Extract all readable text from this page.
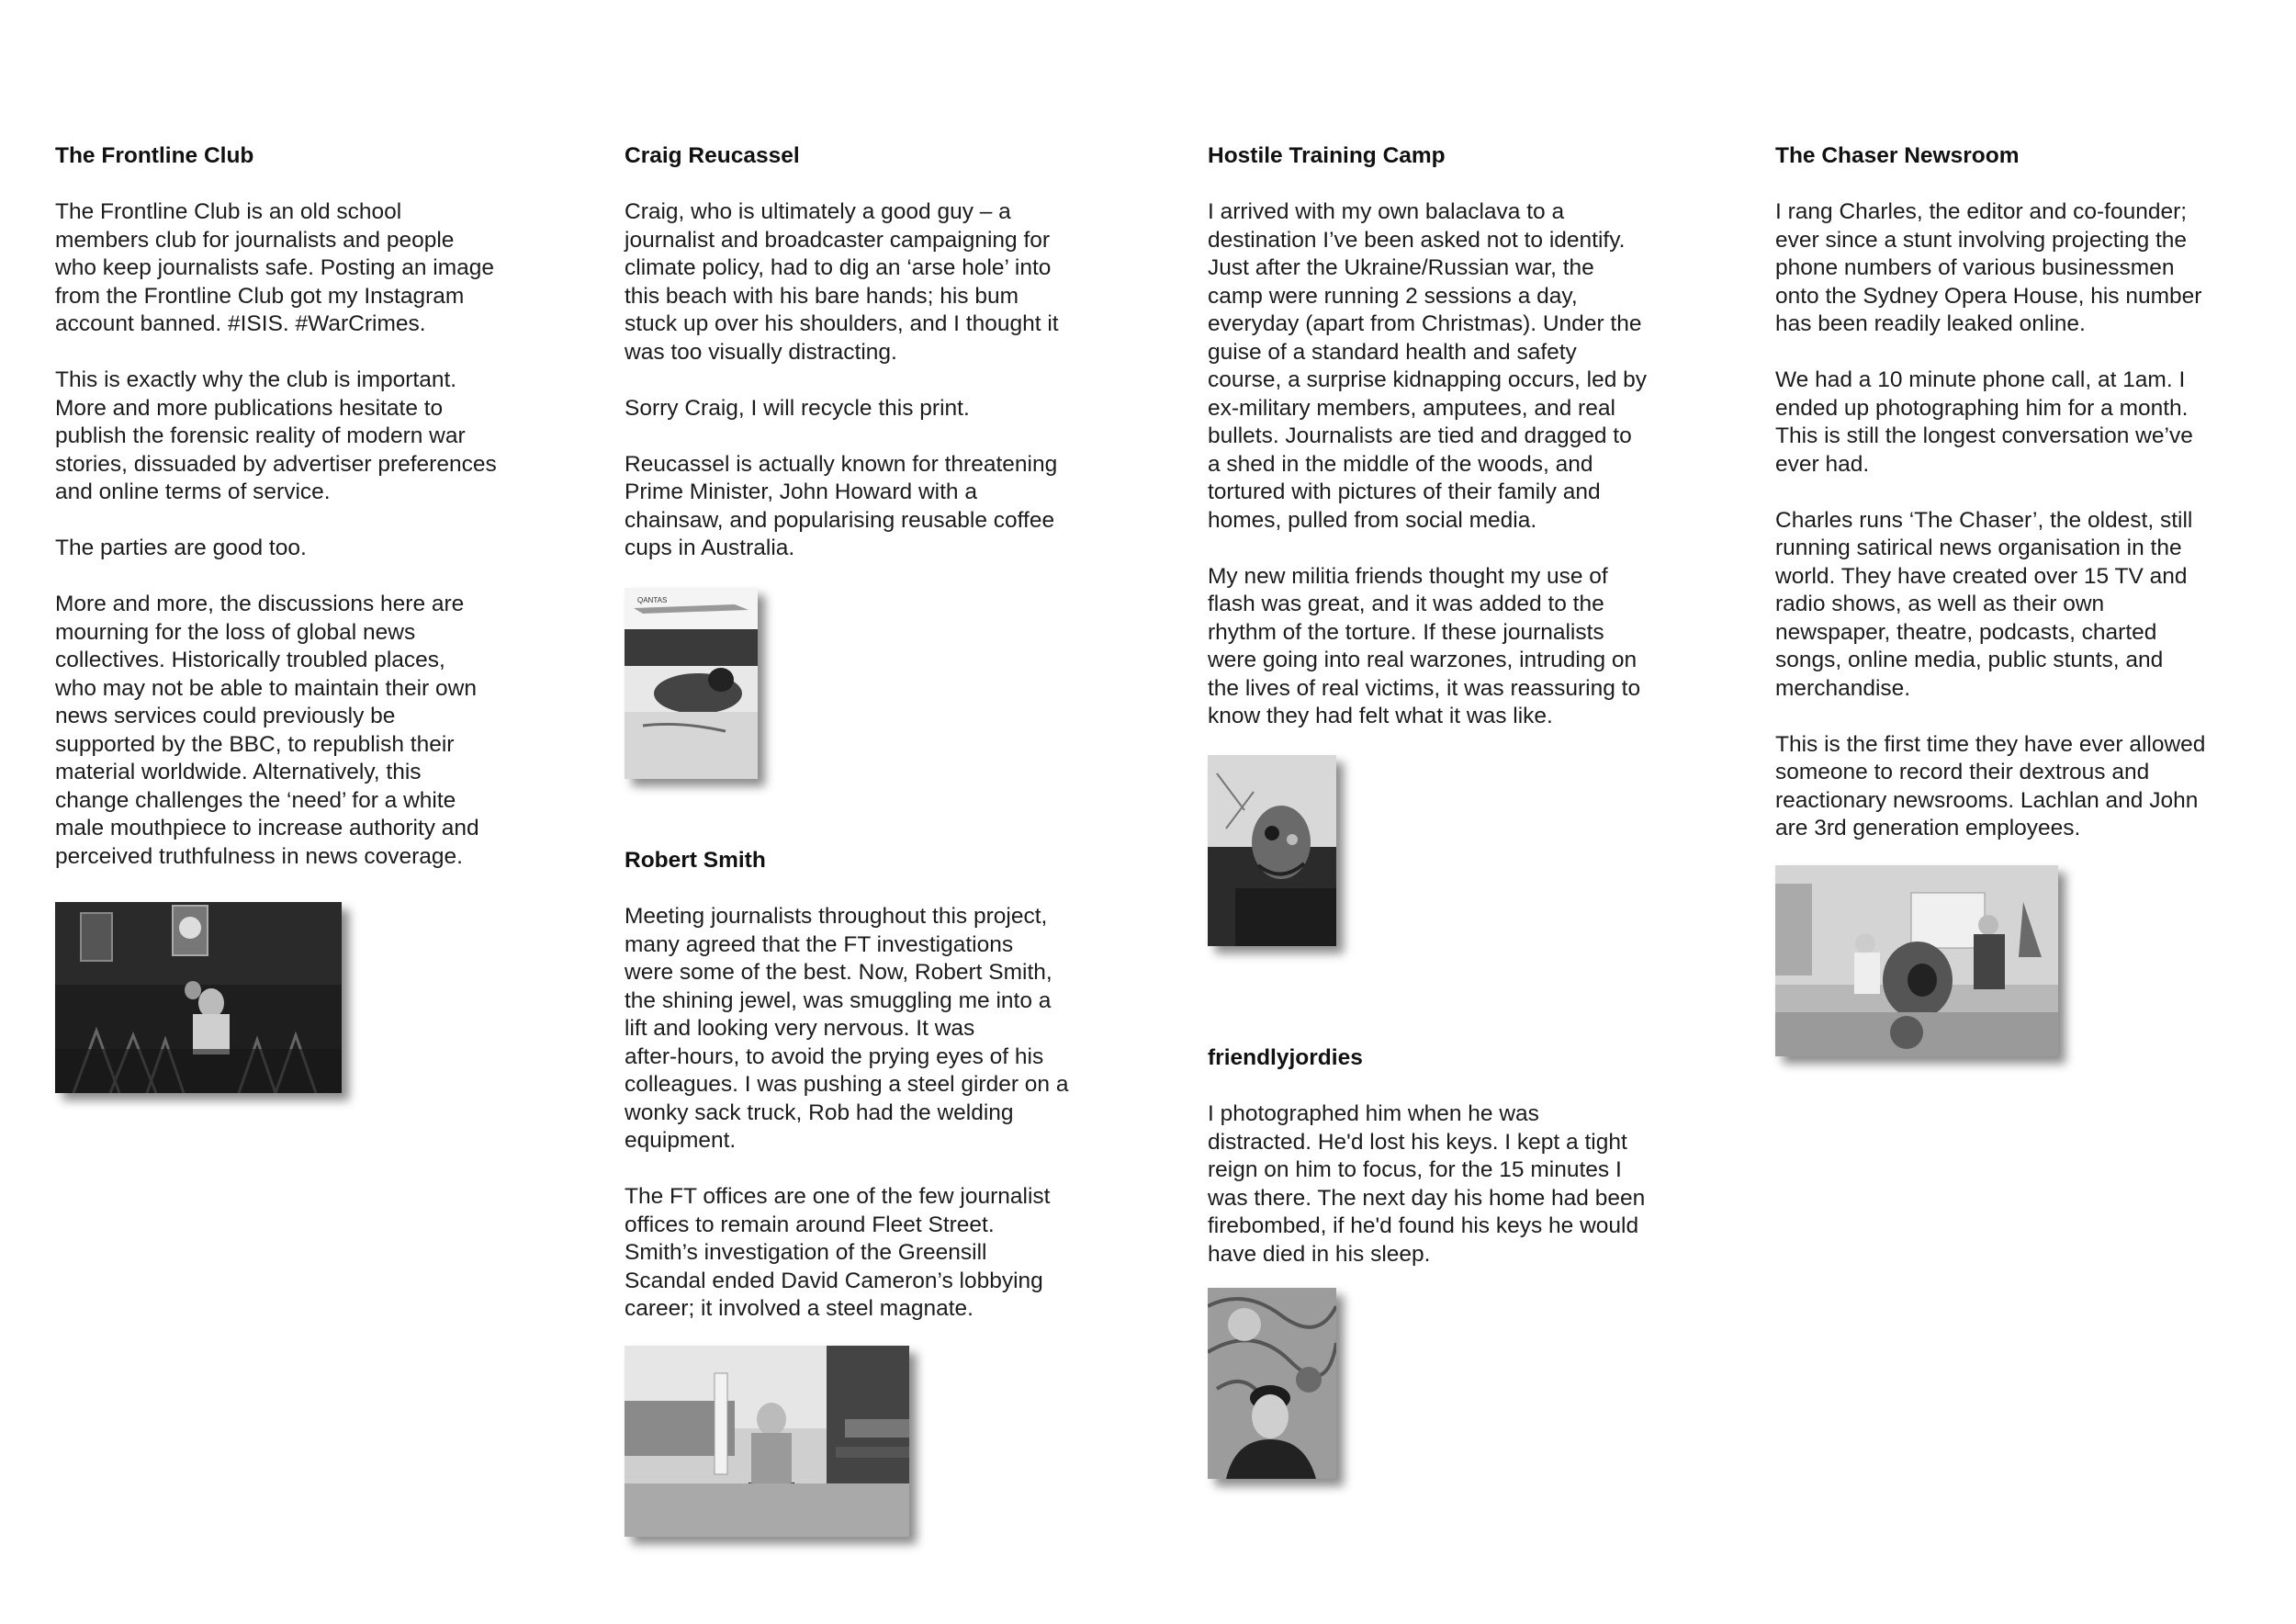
The Frontline Club

The Frontline Club is an old school
members club for journalists and people
who keep journalists safe. Posting an image
from the Frontline Club got my Instagram
account banned. #ISIS. #WarCrimes.

This is exactly why the club is important.
More and more publications hesitate to
publish the forensic reality of modern war
stories, dissuaded by advertiser preferences
and online terms of service.

The parties are good too.

More and more, the discussions here are
mourning for the loss of global news
collectives. Historically troubled places,
who may not be able to maintain their own
news services could previously be
supported by the BBC, to republish their
material worldwide. Alternatively, this
change challenges the ‘need’ for a white
male mouthpiece to increase authority and
perceived truthfulness in news coverage.

Craig Reucassel

Craig, who is ultimately a good guy – a
journalist and broadcaster campaigning for
climate policy, had to dig an ‘arse hole’ into
this beach with his bare hands; his bum
stuck up over his shoulders, and I thought it
was too visually distracting.

Sorry Craig, I will recycle this print.

Reucassel is actually known for threatening
Prime Minister, John Howard with a
chainsaw, and popularising reusable coffee
cups in Australia.

QANTAS
Robert Smith

Meeting journalists throughout this project,
many agreed that the FT investigations
were some of the best. Now, Robert Smith,
the shining jewel, was smuggling me into a
lift and looking very nervous. It was
after-hours, to avoid the prying eyes of his
colleagues. I was pushing a steel girder on a
wonky sack truck, Rob had the welding
equipment.

The FT offices are one of the few journalist
offices to remain around Fleet Street.
Smith’s investigation of the Greensill
Scandal ended David Cameron’s lobbying
career; it involved a steel magnate.

Hostile Training Camp

I arrived with my own balaclava to a
destination I’ve been asked not to identify.
Just after the Ukraine/Russian war, the
camp were running 2 sessions a day,
everyday (apart from Christmas). Under the
guise of a standard health and safety
course, a surprise kidnapping occurs, led by
ex-military members, amputees, and real
bullets. Journalists are tied and dragged to
a shed in the middle of the woods, and
tortured with pictures of their family and
homes, pulled from social media.

My new militia friends thought my use of
flash was great, and it was added to the
rhythm of the torture. If these journalists
were going into real warzones, intruding on
the lives of real victims, it was reassuring to
know they had felt what it was like.

friendlyjordies

I photographed him when he was
distracted. He'd lost his keys. I kept a tight
reign on him to focus, for the 15 minutes I
was there. The next day his home had been
firebombed, if he'd found his keys he would
have died in his sleep.

The Chaser Newsroom

I rang Charles, the editor and co-founder;
ever since a stunt involving projecting the
phone numbers of various businessmen
onto the Sydney Opera House, his number
has been readily leaked online.

We had a 10 minute phone call, at 1am. I
ended up photographing him for a month.
This is still the longest conversation we’ve
ever had.

Charles runs ‘The Chaser’, the oldest, still
running satirical news organisation in the
world. They have created over 15 TV and
radio shows, as well as their own
newspaper, theatre, podcasts, charted
songs, online media, public stunts, and
merchandise.

This is the first time they have ever allowed
someone to record their dextrous and
reactionary newsrooms. Lachlan and John
are 3rd generation employees.
